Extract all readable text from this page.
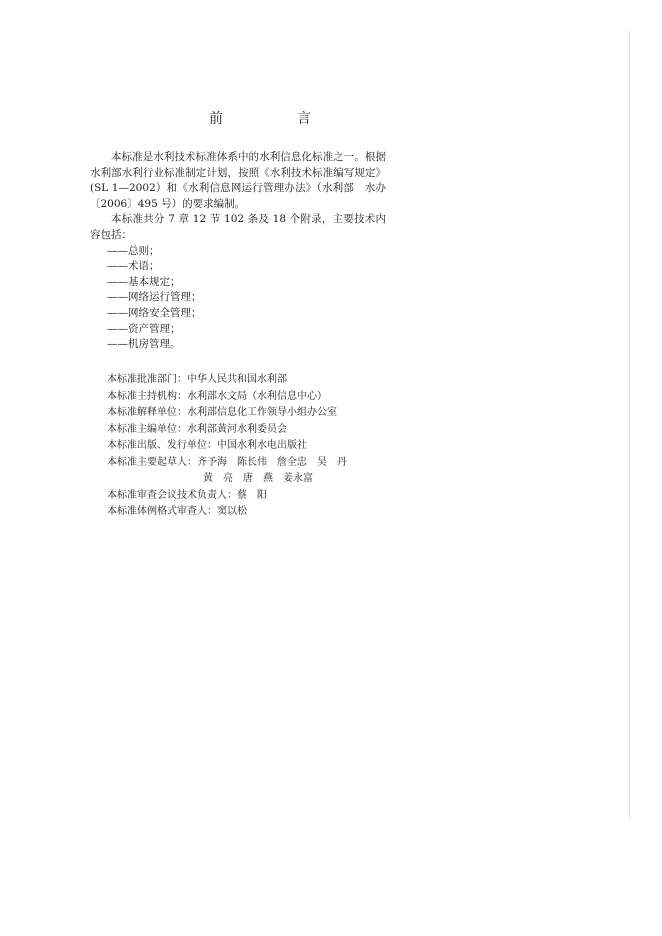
前　言

本标准是水利技术标准体系中的水利信息化标准之一。根据水利部水利行业标准制定计划，按照《水利技术标准编写规定》(SL 1—2002）和《水利信息网运行管理办法》（水利部　水办〔2006〕495 号）的要求编制。

本标准共分 7 章 12 节 102 条及 18 个附录，主要技术内容包括：

——总则；
——术语；
——基本规定；
——网络运行管理；
——网络安全管理；
——资产管理；
——机房管理。
本标准批准部门：中华人民共和国水利部
本标准主持机构：水利部水文局（水利信息中心）
本标准解释单位：水利部信息化工作领导小组办公室
本标准主编单位：水利部黄河水利委员会
本标准出版、发行单位：中国水利水电出版社
本标准主要起草人：齐予海　陈长伟　詹全忠　吴　丹
黄　亮　唐　燕　姜永富
本标准审查会议技术负责人：蔡　阳
本标准体例格式审查人：窦以松
